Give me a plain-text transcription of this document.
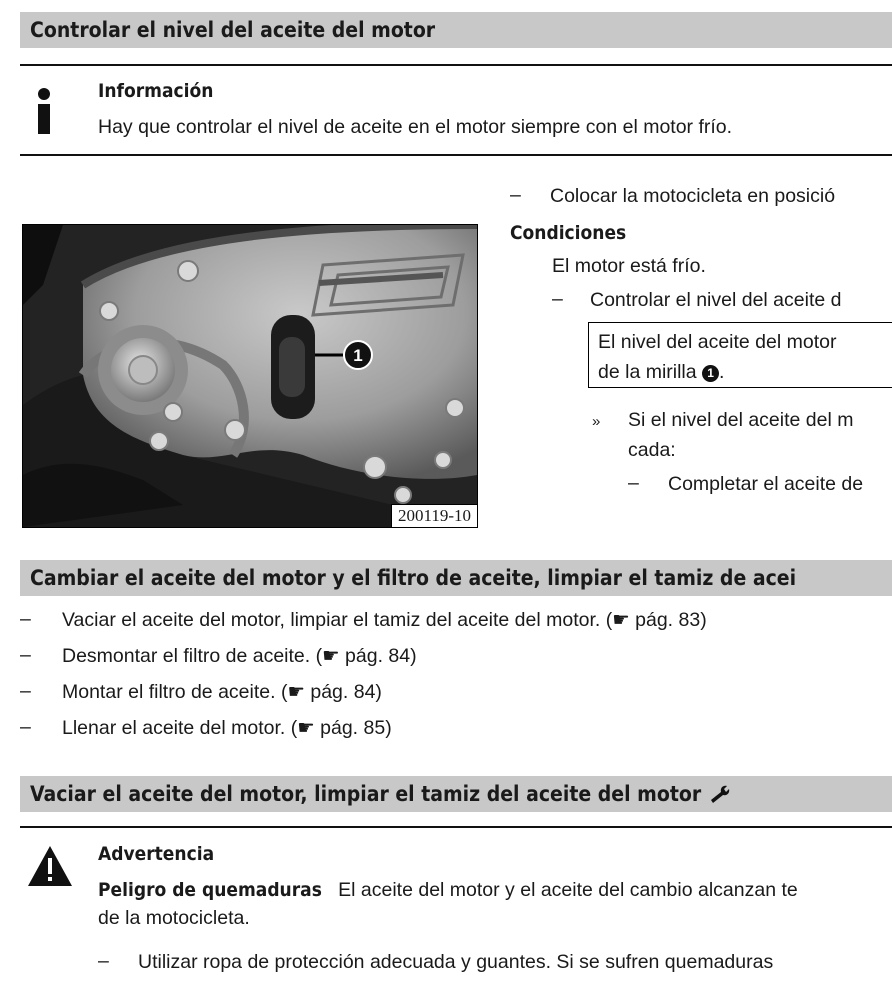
Controlar el nivel del aceite del motor
Información
Hay que controlar el nivel de aceite en el motor siempre con el motor frío.
1
200119-10
– Colocar la motocicleta en posició
Condiciones
El motor está frío.
– Controlar el nivel del aceite d
El nivel del aceite del motor
de la mirilla 1 .
» Si el nivel del aceite del m
cada:
– Completar el aceite de
Cambiar el aceite del motor y el filtro de aceite, limpiar el tamiz de acei
– Vaciar el aceite del motor, limpiar el tamiz del aceite del motor. (☛ pág. 83)
– Desmontar el filtro de aceite. (☛ pág. 84)
– Montar el filtro de aceite. (☛ pág. 84)
– Llenar el aceite del motor. (☛ pág. 85)
Vaciar el aceite del motor, limpiar el tamiz del aceite del motor
Advertencia
Peligro de quemaduras El aceite del motor y el aceite del cambio alcanzan te
de la motocicleta.
– Utilizar ropa de protección adecuada y guantes. Si se sufren quemaduras
